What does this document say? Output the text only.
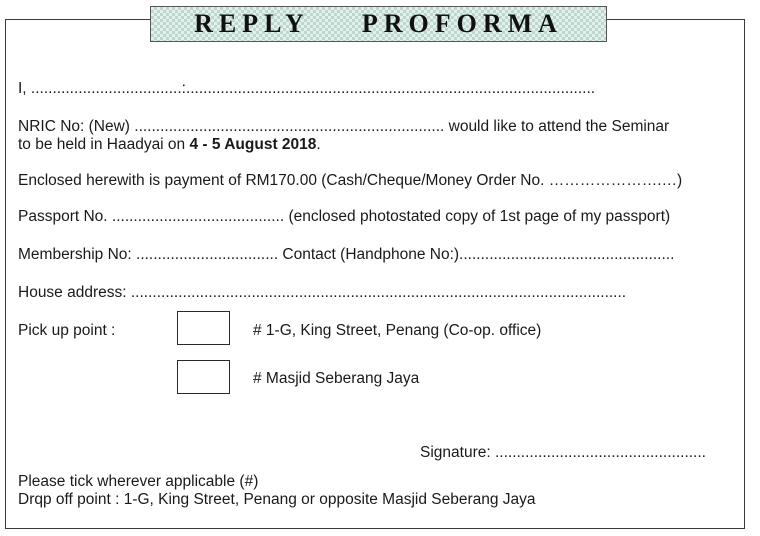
REPLY  PROFORMA
I, ...................................:...............................................................................................
NRIC No: (New) ........................................................................ would like to attend the Seminar
to be held in Haadyai on 4 - 5 August 2018.
Enclosed herewith is payment of RM170.00 (Cash/Cheque/Money Order No. ………………….…)
Passport No. ........................................ (enclosed photostated copy of 1st page of my passport)
Membership No: ................................. Contact (Handphone No:)..................................................
House address: ...................................................................................................................
Pick up point :	# 1-G, King Street, Penang (Co-op. office)
# Masjid Seberang Jaya
Signature: .................................................
Please tick wherever applicable (#)
Drqp off point : 1-G, King Street, Penang or opposite Masjid Seberang Jaya
